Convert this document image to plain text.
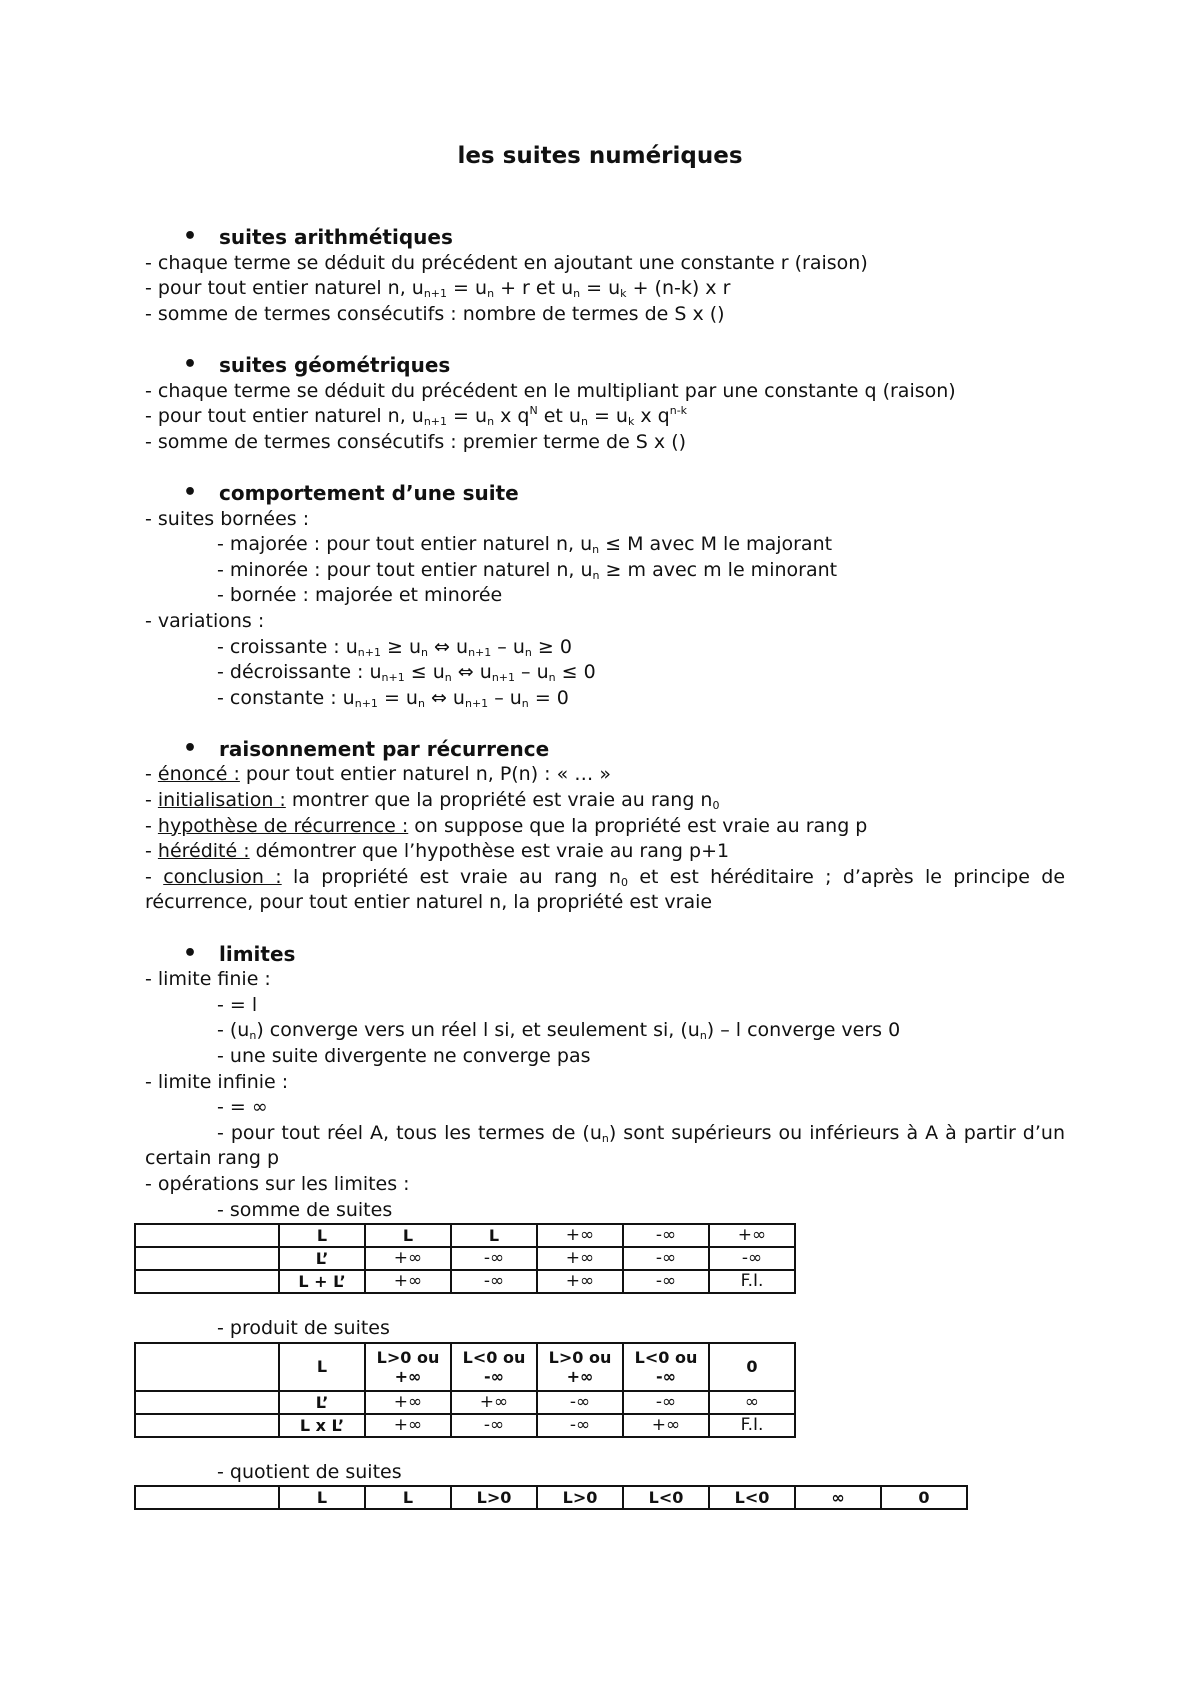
les suites numériques
• suites arithmétiques
- chaque terme se déduit du précédent en ajoutant une constante r (raison)
- pour tout entier naturel n, $u_{n+1} = u_n + r$ et $u_n = u_k + (n-k)$ x r
- somme de termes consécutifs : nombre de termes de S x ()
• suites géométriques
- chaque terme se déduit du précédent en le multipliant par une constante q (raison)
- pour tout entier naturel n, $u_{n+1} = u_n$ x $q^N$ et $u_n = u_k$ x $q^{n-k}$
- somme de termes consécutifs : premier terme de S x ()
• comportement d’une suite
- suites bornées :
- majorée : pour tout entier naturel n, $u_n \le M$ avec M le majorant
- minorée : pour tout entier naturel n, $u_n \ge m$ avec m le minorant
- bornée : majorée et minorée
- variations :
- croissante : $u_{n+1} \ge u_n$ ⇔ $u_{n+1} - u_n \ge 0$
- décroissante : $u_{n+1} \le u_n$ ⇔ $u_{n+1} - u_n \le 0$
- constante : $u_{n+1} = u_n$ ⇔ $u_{n+1} - u_n = 0$
• raisonnement par récurrence
- énoncé : pour tout entier naturel n, P(n) : « … »
- initialisation : montrer que la propriété est vraie au rang $n_0$
- hypothèse de récurrence : on suppose que la propriété est vraie au rang p
- hérédité : démontrer que l’hypothèse est vraie au rang p+1
- conclusion : la propriété est vraie au rang $n_0$ et est héréditaire ; d’après le principe de récurrence, pour tout entier naturel n, la propriété est vraie
• limites
- limite finie :
- = l
- $(u_n)$ converge vers un réel l si, et seulement si, $(u_n)$ – l converge vers 0
- une suite divergente ne converge pas
- limite infinie :
- = ∞
- pour tout réel A, tous les termes de $(u_n)$ sont supérieurs ou inférieurs à A à partir d’un certain rang p
- opérations sur les limites :
- somme de suites
	L	L	L	+∞	-∞	+∞
	L’	+∞	-∞	+∞	-∞	-∞
	L + L’	+∞	-∞	+∞	-∞	F.I.
- produit de suites
	L	L>0 ou +∞	L<0 ou -∞	L>0 ou +∞	L<0 ou -∞	0
	L’	+∞	+∞	-∞	-∞	∞
	L x L’	+∞	-∞	-∞	+∞	F.I.
- quotient de suites
	L	L	L>0	L>0	L<0	L<0	∞	0
